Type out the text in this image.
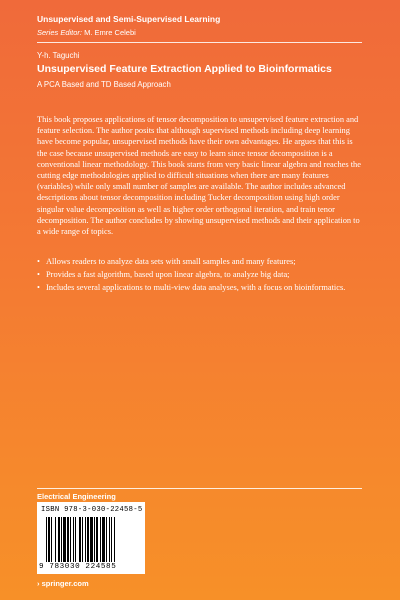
Unsupervised and Semi-Supervised Learning
Series Editor: M. Emre Celebi
Y-h. Taguchi
Unsupervised Feature Extraction Applied to Bioinformatics
A PCA Based and TD Based Approach

This book proposes applications of tensor decomposition to unsupervised feature extraction and feature selection. The author posits that although supervised methods including deep learning have become popular, unsupervised methods have their own advantages. He argues that this is the case because unsupervised methods are easy to learn since tensor decomposition is a conventional linear methodology. This book starts from very basic linear algebra and reaches the cutting edge methodologies applied to difficult situations when there are many features (variables) while only small number of samples are available. The author includes advanced descriptions about tensor decomposition including Tucker decomposition using high order singular value decomposition as well as higher order orthogonal iteration, and train tenor decomposition. The author concludes by showing unsupervised methods and their application to a wide range of topics.

• Allows readers to analyze data sets with small samples and many features;
• Provides a fast algorithm, based upon linear algebra, to analyze big data;
• Includes several applications to multi-view data analyses, with a focus on bioinformatics.
Electrical Engineering
ISBN 978-3-030-22458-5
9 783030 224585
› springer.com
